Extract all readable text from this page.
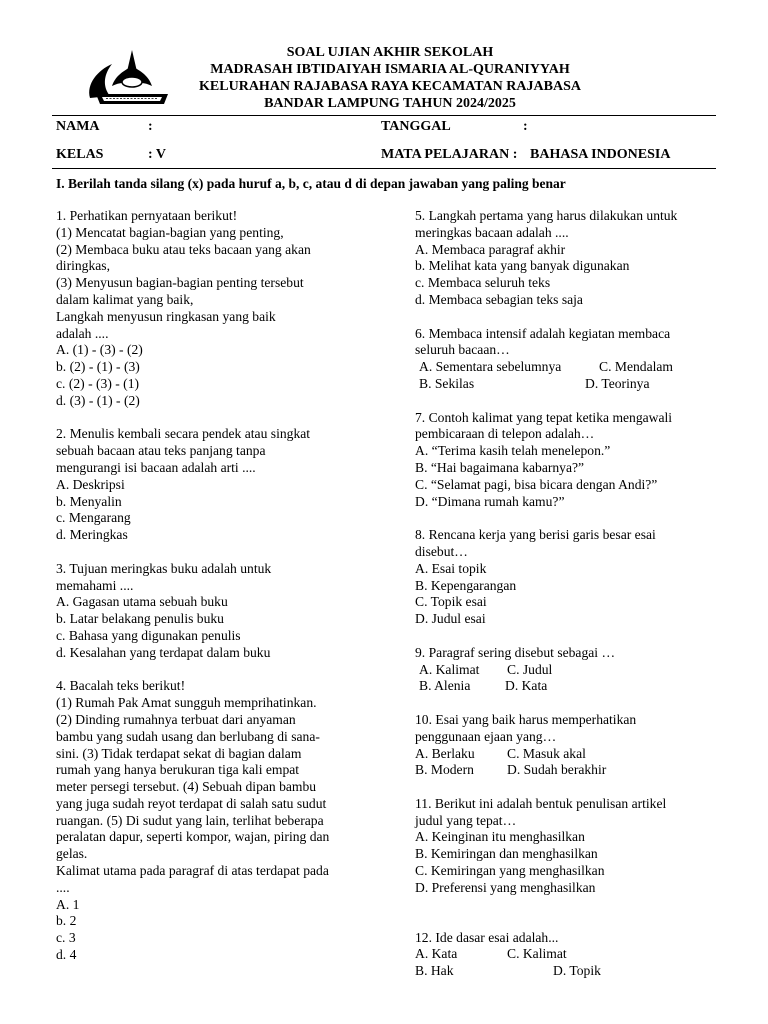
SOAL UJIAN AKHIR SEKOLAH
MADRASAH IBTIDAIYAH ISMARIA AL-QURANIYYAH
KELURAHAN RAJABASA RAYA KECAMATAN RAJABASA
BANDAR LAMPUNG TAHUN 2024/2025
NAMA	:	TANGGAL	:
KELAS	: V	MATA PELAJARAN : BAHASA INDONESIA
I. Berilah tanda silang (x) pada huruf a, b, c, atau d di depan jawaban yang paling benar
1. Perhatikan pernyataan berikut!
(1) Mencatat bagian-bagian yang penting,
(2) Membaca buku atau teks bacaan yang akan
diringkas,
(3) Menyusun bagian-bagian penting tersebut
dalam kalimat yang baik,
Langkah menyusun ringkasan yang baik
adalah ....
A. (1) - (3) - (2)
b. (2) - (1) - (3)
c. (2) - (3) - (1)
d. (3) - (1) - (2)
2. Menulis kembali secara pendek atau singkat
sebuah bacaan atau teks panjang tanpa
mengurangi isi bacaan adalah arti ....
A. Deskripsi
b. Menyalin
c. Mengarang
d. Meringkas
3. Tujuan meringkas buku adalah untuk
memahami ....
A. Gagasan utama sebuah buku
b. Latar belakang penulis buku
c. Bahasa yang digunakan penulis
d. Kesalahan yang terdapat dalam buku
4. Bacalah teks berikut!
(1) Rumah Pak Amat sungguh memprihatinkan.
(2) Dinding rumahnya terbuat dari anyaman
bambu yang sudah usang dan berlubang di sana-
sini. (3) Tidak terdapat sekat di bagian dalam
rumah yang hanya berukuran tiga kali empat
meter persegi tersebut. (4) Sebuah dipan bambu
yang juga sudah reyot terdapat di salah satu sudut
ruangan. (5) Di sudut yang lain, terlihat beberapa
peralatan dapur, seperti kompor, wajan, piring dan
gelas.
Kalimat utama pada paragraf di atas terdapat pada
....
A. 1
b. 2
c. 3
d. 4
5. Langkah pertama yang harus dilakukan untuk
meringkas bacaan adalah ....
A. Membaca paragraf akhir
b. Melihat kata yang banyak digunakan
c. Membaca seluruh teks
d. Membaca sebagian teks saja
6. Membaca intensif adalah kegiatan membaca
seluruh bacaan…
A. Sementara sebelumnya	C. Mendalam
B. Sekilas	D. Teorinya
7. Contoh kalimat yang tepat ketika mengawali
pembicaraan di telepon adalah…
A. “Terima kasih telah menelepon.”
B. “Hai bagaimana kabarnya?”
C. “Selamat pagi, bisa bicara dengan Andi?”
D. “Dimana rumah kamu?”
8. Rencana kerja yang berisi garis besar esai
disebut…
A. Esai topik
B. Kepengarangan
C. Topik esai
D. Judul esai
9. Paragraf sering disebut sebagai …
A. Kalimat C. Judul
B. Alenia	D. Kata
10. Esai yang baik harus memperhatikan
penggunaan ejaan yang…
A. Berlaku C. Masuk akal
B. Modern D. Sudah berakhir
11. Berikut ini adalah bentuk penulisan artikel
judul yang tepat…
A. Keinginan itu menghasilkan
B. Kemiringan dan menghasilkan
C. Kemiringan yang menghasilkan
D. Preferensi yang menghasilkan
12. Ide dasar esai adalah...
A. Kata	C. Kalimat
B. Hak	D. Topik
